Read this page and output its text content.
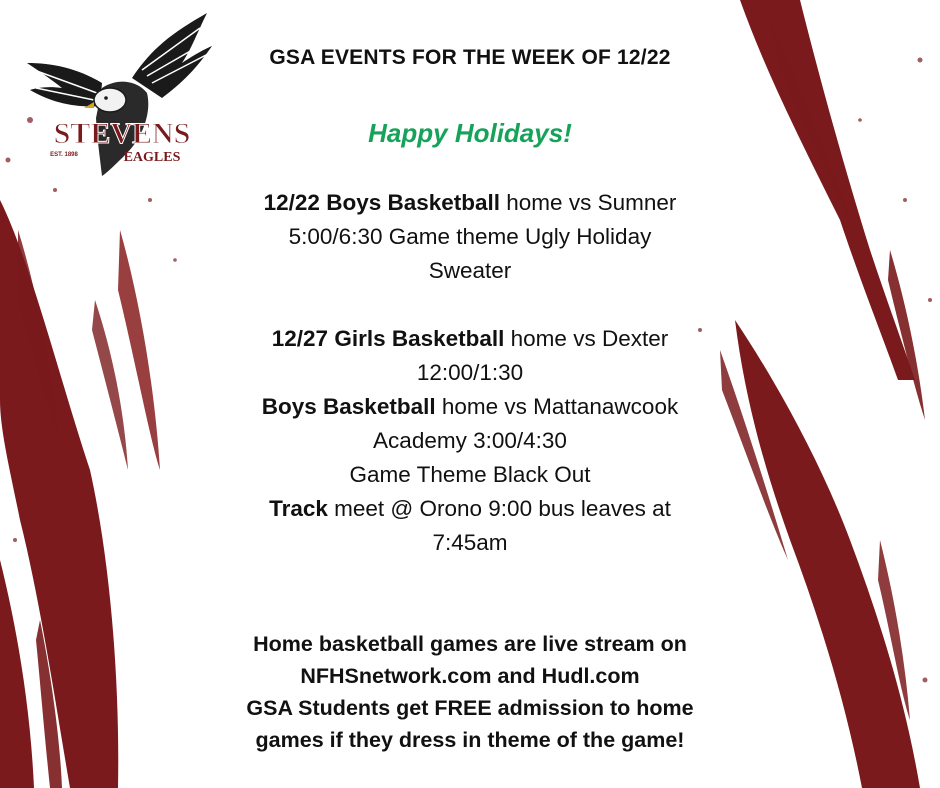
STEVENS
EAGLES
EST. 1898
GSA EVENTS FOR THE WEEK OF 12/22
Happy Holidays!
12/22 Boys Basketball home vs Sumner
5:00/6:30 Game theme Ugly Holiday
Sweater
12/27 Girls Basketball home vs Dexter
12:00/1:30
Boys Basketball home vs Mattanawcook
Academy 3:00/4:30
Game Theme Black Out
Track meet @ Orono 9:00 bus leaves at
7:45am
Home basketball games are live stream on
NFHSnetwork.com and Hudl.com
GSA Students get FREE admission to home
games if they dress in theme of the game!
